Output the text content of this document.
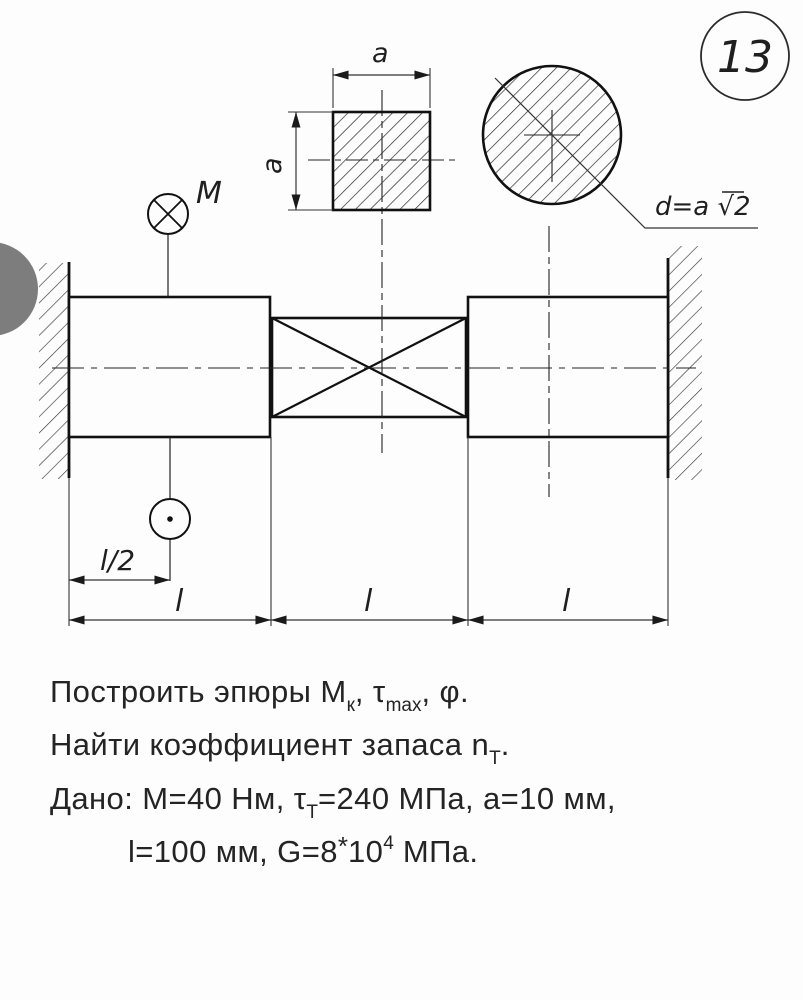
a
a
d=a √2
M
l/2
l	l	l
13
Построить эпюры $М_к$, $\tau_{max}$, φ.
Найти коэффициент запаса $n_Т$.
Дано: M=40 Нм, $\tau_Т=240$ МПа, a=10 мм,
l=100 мм, $G=8^*10^4$ МПа.
